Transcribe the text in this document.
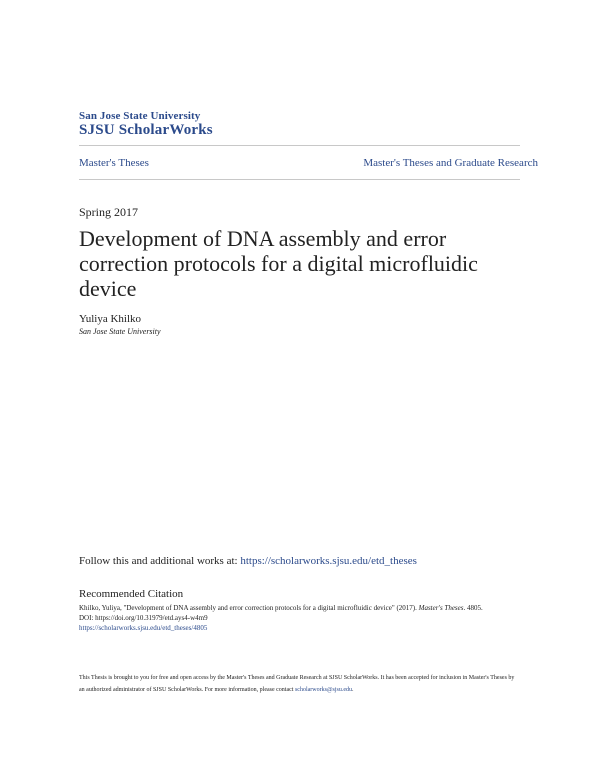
San Jose State University
SJSU ScholarWorks
Master's Theses	Master's Theses and Graduate Research
Spring 2017
Development of DNA assembly and error correction protocols for a digital microfluidic device
Yuliya Khilko
San Jose State University
Follow this and additional works at: https://scholarworks.sjsu.edu/etd_theses
Recommended Citation
Khilko, Yuliya, "Development of DNA assembly and error correction protocols for a digital microfluidic device" (2017). Master's Theses. 4805.
DOI: https://doi.org/10.31979/etd.ays4-w4m9
https://scholarworks.sjsu.edu/etd_theses/4805
This Thesis is brought to you for free and open access by the Master's Theses and Graduate Research at SJSU ScholarWorks. It has been accepted for inclusion in Master's Theses by an authorized administrator of SJSU ScholarWorks. For more information, please contact scholarworks@sjsu.edu.
